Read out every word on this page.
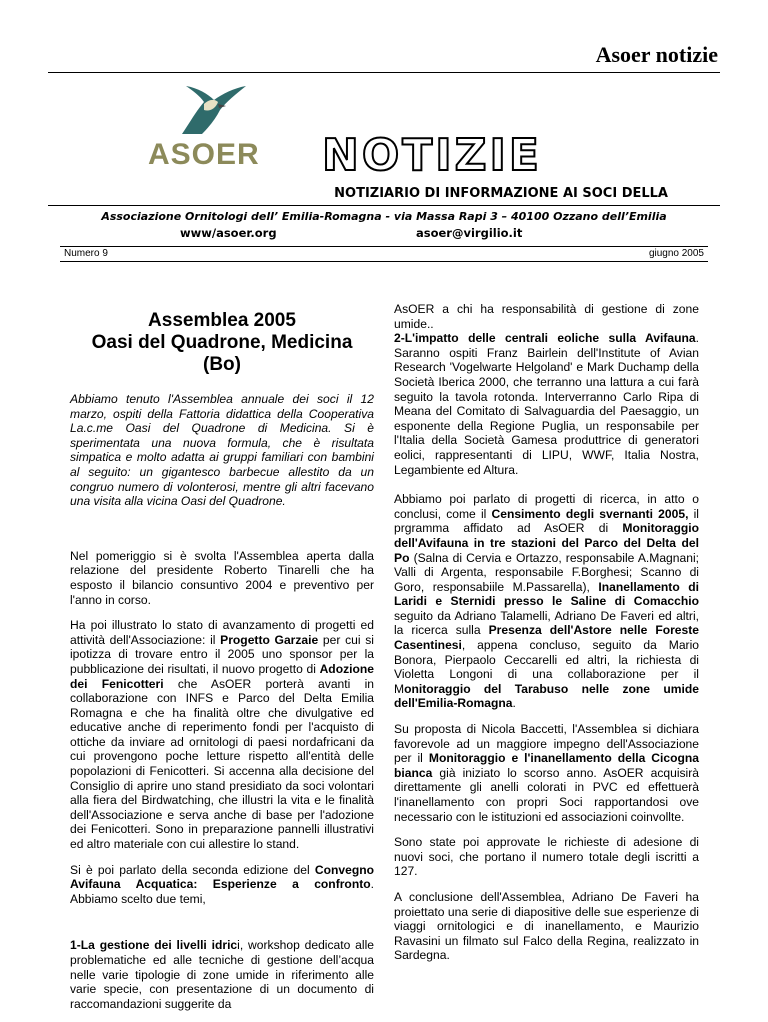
Asoer notizie
ASOER NOTIZIE
NOTIZIARIO DI INFORMAZIONE AI SOCI DELLA
Associazione Ornitologi dell’ Emilia-Romagna - via Massa Rapi 3 – 40100 Ozzano dell’Emilia
www/asoer.org	asoer@virgilio.it
Numero 9	giugno 2005
Assemblea 2005
Oasi del Quadrone, Medicina
(Bo)

Abbiamo tenuto l'Assemblea annuale dei soci il 12 marzo, ospiti della Fattoria didattica della Cooperativa La.c.me Oasi del Quadrone di Medicina. Si è sperimentata una nuova formula, che è risultata simpatica e molto adatta ai gruppi familiari con bambini al seguito: un gigantesco barbecue allestito da un congruo numero di volonterosi, mentre gli altri facevano una visita alla vicina Oasi del Quadrone.

Nel pomeriggio si è svolta l'Assemblea aperta dalla relazione del presidente Roberto Tinarelli che ha esposto il bilancio consuntivo 2004 e preventivo per l'anno in corso.

Ha poi illustrato lo stato di avanzamento di progetti ed attività dell'Associazione: il Progetto Garzaie per cui si ipotizza di trovare entro il 2005 uno sponsor per la pubblicazione dei risultati, il nuovo progetto di Adozione dei Fenicotteri che AsOER porterà avanti in collaborazione con INFS e Parco del Delta Emilia Romagna e che ha finalità oltre che divulgative ed educative anche di reperimento fondi per l'acquisto di ottiche da inviare ad ornitologi di paesi nordafricani da cui provengono poche letture rispetto all'entità delle popolazioni di Fenicotteri. Si accenna alla decisione del Consiglio di aprire uno stand presidiato da soci volontari alla fiera del Birdwatching, che illustri la vita e le finalità dell'Associazione e serva anche di base per l'adozione dei Fenicotteri. Sono in preparazione pannelli illustrativi ed altro materiale con cui allestire lo stand.

Si è poi parlato della seconda edizione del Convegno Avifauna Acquatica: Esperienze a confronto. Abbiamo scelto due temi,

1-La gestione dei livelli idrici, workshop dedicato alle problematiche ed alle tecniche di gestione dell’acqua nelle varie tipologie di zone umide in riferimento alle varie specie, con presentazione di un documento di raccomandazioni suggerite da

AsOER a chi ha responsabilità di gestione di zone umide..
2-L'impatto delle centrali eoliche sulla Avifauna. Saranno ospiti Franz Bairlein dell'Institute of Avian Research 'Vogelwarte Helgoland' e Mark Duchamp della Società Iberica 2000, che terranno una lattura a cui farà seguito la tavola rotonda. Interverranno Carlo Ripa di Meana del Comitato di Salvaguardia del Paesaggio, un esponente della Regione Puglia, un responsabile per l'Italia della Società Gamesa produttrice di generatori eolici, rappresentanti di LIPU, WWF, Italia Nostra, Legambiente ed Altura.

Abbiamo poi parlato di progetti di ricerca, in atto o conclusi, come il Censimento degli svernanti 2005, il prgramma affidato ad AsOER di Monitoraggio dell'Avifauna in tre stazioni del Parco del Delta del Po (Salna di Cervia e Ortazzo, responsabile A.Magnani; Valli di Argenta, responsabile F.Borghesi; Scanno di Goro, responsabiile M.Passarella), Inanellamento di Laridi e Sternidi presso le Saline di Comacchio seguito da Adriano Talamelli, Adriano De Faveri ed altri, la ricerca sulla Presenza dell'Astore nelle Foreste Casentinesi, appena concluso, seguito da Mario Bonora, Pierpaolo Ceccarelli ed altri, la richiesta di Violetta Longoni di una collaborazione per il Monitoraggio del Tarabuso nelle zone umide dell'Emilia-Romagna.

Su proposta di Nicola Baccetti, l'Assemblea si dichiara favorevole ad un maggiore impegno dell'Associazione per il Monitoraggio e l'inanellamento della Cicogna bianca già iniziato lo scorso anno. AsOER acquisirà direttamente gli anelli colorati in PVC ed effettuerà l'inanellamento con propri Soci rapportandosi ove necessario con le istituzioni ed associazioni coinvollte.

Sono state poi approvate le richieste di adesione di nuovi soci, che portano il numero totale degli iscritti a 127.

A conclusione dell'Assemblea, Adriano De Faveri ha proiettato una serie di diapositive delle sue esperienze di viaggi ornitologici e di inanellamento, e Maurizio Ravasini un filmato sul Falco della Regina, realizzato in Sardegna.
